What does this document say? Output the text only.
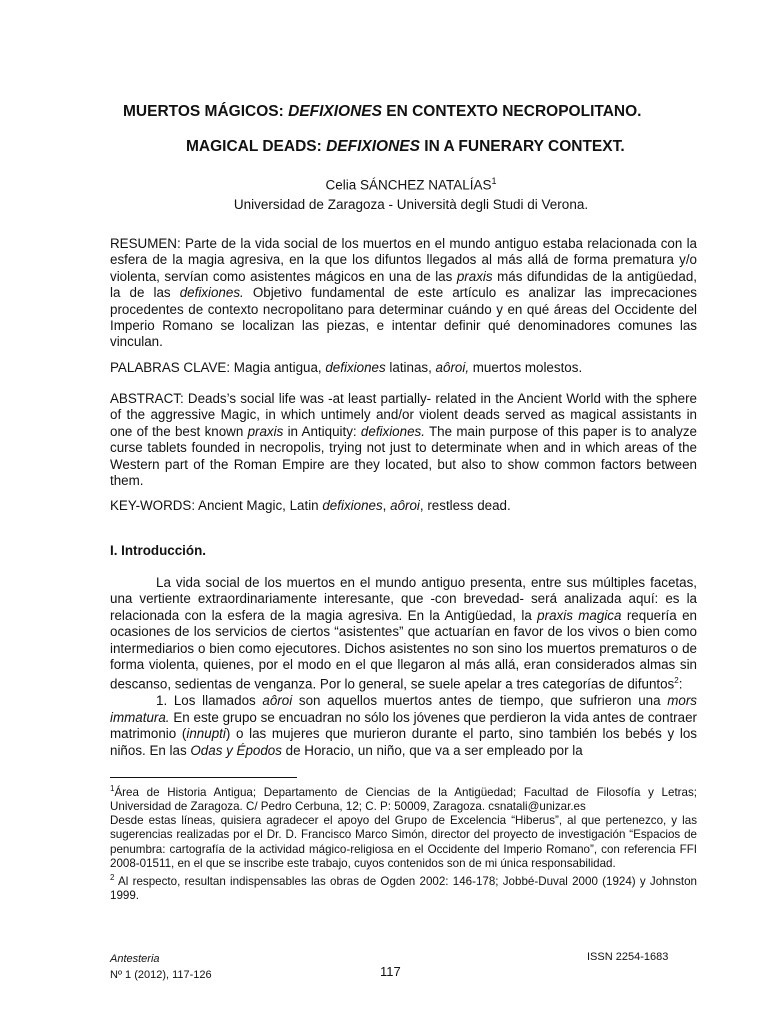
MUERTOS MÁGICOS: DEFIXIONES EN CONTEXTO NECROPOLITANO.
MAGICAL DEADS: DEFIXIONES IN A FUNERARY CONTEXT.
Celia SÁNCHEZ NATALÍAS$^1$
Universidad de Zaragoza - Università degli Studi di Verona.

RESUMEN: Parte de la vida social de los muertos en el mundo antiguo estaba relacionada con la esfera de la magia agresiva, en la que los difuntos llegados al más allá de forma prematura y/o violenta, servían como asistentes mágicos en una de las praxis más difundidas de la antigüedad, la de las defixiones. Objetivo fundamental de este artículo es analizar las imprecaciones procedentes de contexto necropolitano para determinar cuándo y en qué áreas del Occidente del Imperio Romano se localizan las piezas, e intentar definir qué denominadores comunes las vinculan.

PALABRAS CLAVE: Magia antigua, defixiones latinas, aôroi, muertos molestos.

ABSTRACT: Deads’s social life was -at least partially- related in the Ancient World with the sphere of the aggressive Magic, in which untimely and/or violent deads served as magical assistants in one of the best known praxis in Antiquity: defixiones. The main purpose of this paper is to analyze curse tablets founded in necropolis, trying not just to determinate when and in which areas of the Western part of the Roman Empire are they located, but also to show common factors between them.

KEY-WORDS: Ancient Magic, Latin defixiones, aôroi, restless dead.

I. Introducción.

La vida social de los muertos en el mundo antiguo presenta, entre sus múltiples facetas, una vertiente extraordinariamente interesante, que -con brevedad- será analizada aquí: es la relacionada con la esfera de la magia agresiva. En la Antigüedad, la praxis magica requería en ocasiones de los servicios de ciertos “asistentes” que actuarían en favor de los vivos o bien como intermediarios o bien como ejecutores. Dichos asistentes no son sino los muertos prematuros o de forma violenta, quienes, por el modo en el que llegaron al más allá, eran considerados almas sin descanso, sedientas de venganza. Por lo general, se suele apelar a tres categorías de difuntos$^2$:

1. Los llamados aôroi son aquellos muertos antes de tiempo, que sufrieron una mors immatura. En este grupo se encuadran no sólo los jóvenes que perdieron la vida antes de contraer matrimonio (innupti) o las mujeres que murieron durante el parto, sino también los bebés y los niños. En las Odas y Épodos de Horacio, un niño, que va a ser empleado por la

$^1$Área de Historia Antigua; Departamento de Ciencias de la Antigüedad; Facultad de Filosofía y Letras; Universidad de Zaragoza. C/ Pedro Cerbuna, 12; C. P: 50009, Zaragoza. csnatali@unizar.es

Desde estas líneas, quisiera agradecer el apoyo del Grupo de Excelencia “Hiberus”, al que pertenezco, y las sugerencias realizadas por el Dr. D. Francisco Marco Simón, director del proyecto de investigación “Espacios de penumbra: cartografía de la actividad mágico-religiosa en el Occidente del Imperio Romano”, con referencia FFI 2008-01511, en el que se inscribe este trabajo, cuyos contenidos son de mi única responsabilidad.

$^2$ Al respecto, resultan indispensables las obras de Ogden 2002: 146-178; Jobbé-Duval 2000 (1924) y Johnston 1999.

Antesteria
Nº 1 (2012), 117-126	117
ISSN 2254-1683
